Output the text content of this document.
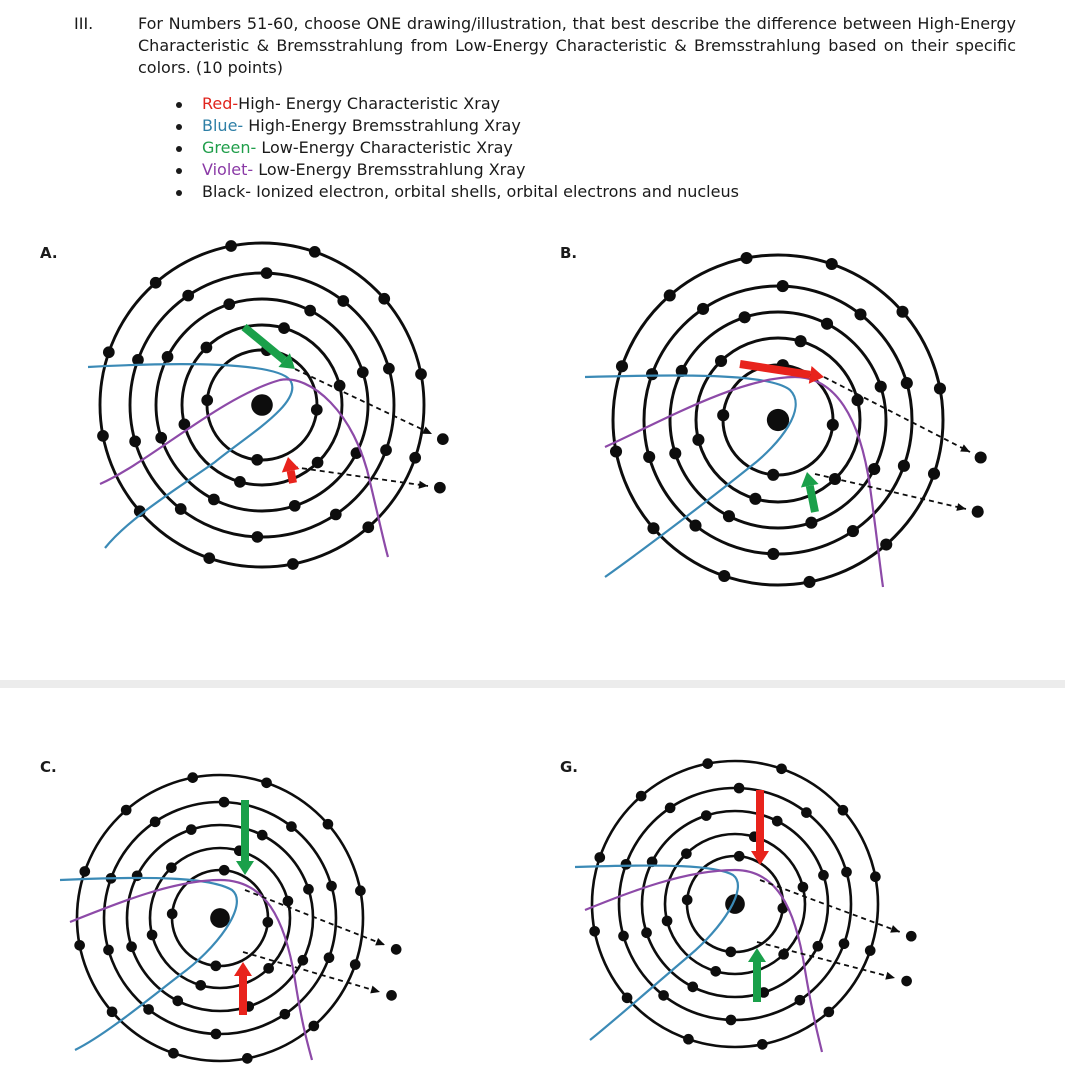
III.	For Numbers 51-60, choose ONE drawing/illustration, that best describe the difference between High-Energy Characteristic & Bremsstrahlung from Low-Energy Characteristic & Bremsstrahlung based on their specific colors. (10 points)
Red-High- Energy Characteristic Xray
Blue- High-Energy Bremsstrahlung Xray
Green- Low-Energy Characteristic Xray
Violet- Low-Energy Bremsstrahlung Xray
Black- Ionized electron, orbital shells, orbital electrons and nucleus
A.	B.
C.	G.
